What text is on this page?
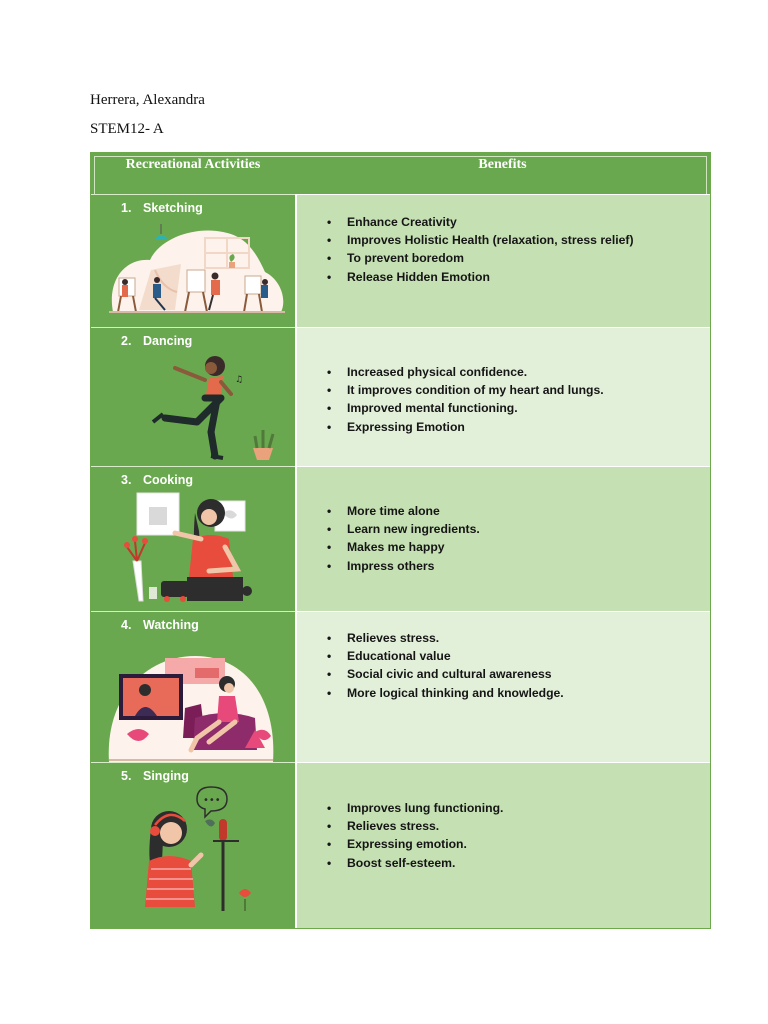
Herrera, Alexandra
STEM12- A
Recreational Activities	Benefits
1. Sketching
• Enhance Creativity
• Improves Holistic Health (relaxation, stress relief)
• To prevent boredom
• Release Hidden Emotion
2. Dancing
♫
• Increased physical confidence.
• It improves condition of my heart and lungs.
• Improved mental functioning.
• Expressing Emotion
3. Cooking
• More time alone
• Learn new ingredients.
• Makes me happy
• Impress others
4. Watching
• Relieves stress.
• Educational value
• Social civic and cultural awareness
• More logical thinking and knowledge.
5. Singing
•••
• Improves lung functioning.
• Relieves stress.
• Expressing emotion.
• Boost self-esteem.
